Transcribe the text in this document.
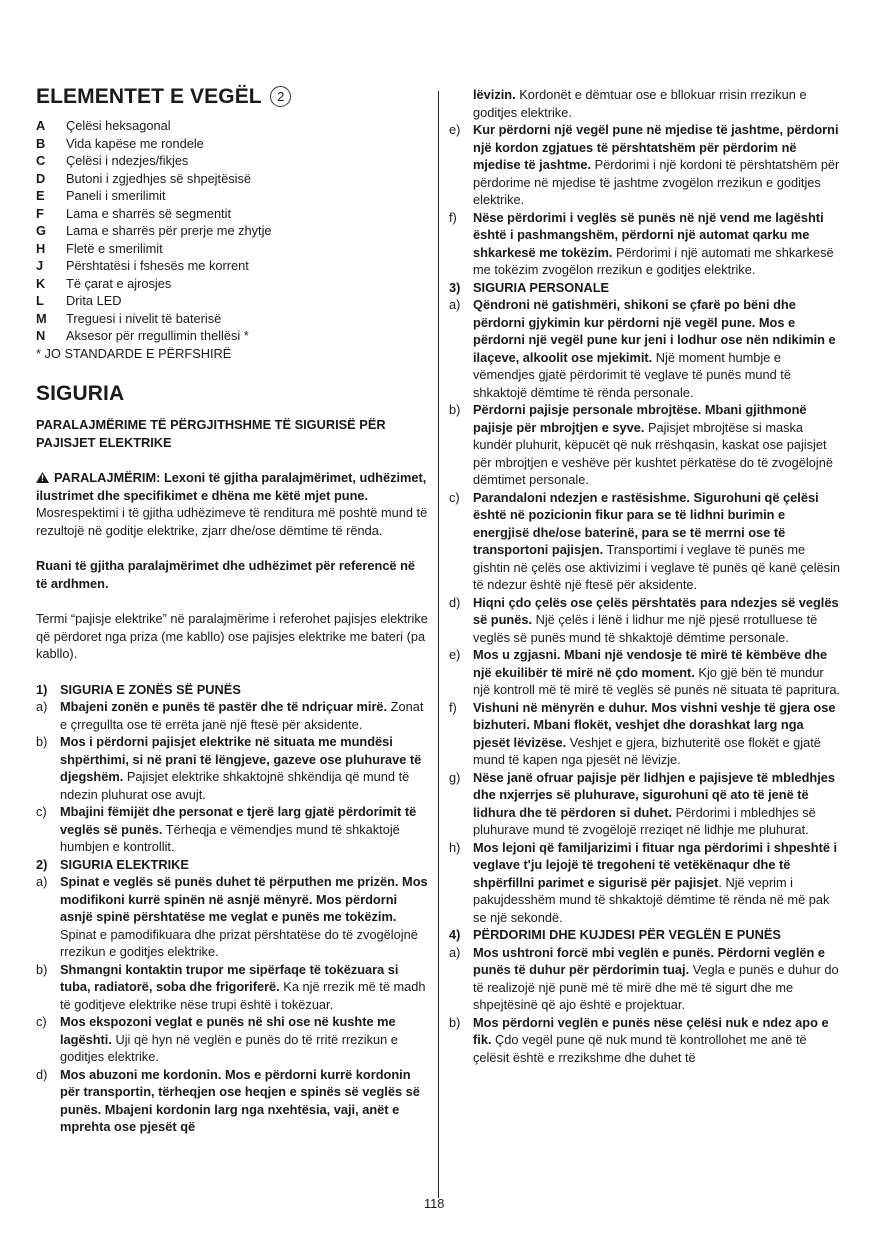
ELEMENTET E VEGËL 2
A	Çelësi heksagonal
B	Vida kapëse me rondele
C	Çelësi i ndezjes/fikjes
D	Butoni i zgjedhjes së shpejtësisë
E	Paneli i smerilimit
F	Lama e sharrës së segmentit
G	Lama e sharrës për prerje me zhytje
H	Fletë e smerilimit
J	Përshtatësi i fshesës me korrent
K	Të çarat e ajrosjes
L	Drita LED
M	Treguesi i nivelit të baterisë
N	Aksesor për rregullimin thellësi *

* JO STANDARDE E PËRFSHIRË

SIGURIA

PARALAJMËRIME TË PËRGJITHSHME TË SIGURISË PËR PAJISJET ELEKTRIKE

!PARALAJMËRIM: Lexoni të gjitha paralajmërimet, udhëzimet, ilustrimet dhe specifikimet e dhëna me këtë mjet pune. Mosrespektimi i të gjitha udhëzimeve të renditura më poshtë mund të rezultojë në goditje elektrike, zjarr dhe/ose dëmtime të rënda.

Ruani të gjitha paralajmërimet dhe udhëzimet për referencë në të ardhmen.

Termi “pajisje elektrike” në paralajmërime i referohet pajisjes elektrike që përdoret nga priza (me kabllo) ose pajisjes elektrike me bateri (pa kabllo).

1) SIGURIA E ZONËS SË PUNËS
a) Mbajeni zonën e punës të pastër dhe të ndriçuar mirë. Zonat e çrregullta ose të errëta janë një ftesë për aksidente.
b) Mos i përdorni pajisjet elektrike në situata me mundësi shpërthimi, si në prani të lëngjeve, gazeve ose pluhurave të djegshëm. Pajisjet elektrike shkaktojnë shkëndija që mund të ndezin pluhurat ose avujt.
c)	Mbajini fëmijët dhe personat e tjerë larg gjatë përdorimit të veglës së punës. Tërheqja e vëmendjes mund të shkaktojë humbjen e kontrollit.
2) SIGURIA ELEKTRIKE
a) Spinat e veglës së punës duhet të përputhen me prizën. Mos modifikoni kurrë spinën në asnjë mënyrë. Mos përdorni asnjë spinë përshtatëse me veglat e punës me tokëzim. Spinat e pamodifikuara dhe prizat përshtatëse do të zvogëlojnë rrezikun e goditjes elektrike.
b) Shmangni kontaktin trupor me sipërfaqe të tokëzuara si tuba, radiatorë, soba dhe frigoriferë. Ka një rrezik më të madh të goditjeve elektrike nëse trupi është i tokëzuar.
c)	Mos ekspozoni veglat e punës në shi ose në kushte me lagështi. Uji që hyn në veglën e punës do të rritë rrezikun e goditjes elektrike.
d) Mos abuzoni me kordonin. Mos e përdorni kurrë kordonin për transportin, tërheqjen ose heqjen e spinës së veglës së punës. Mbajeni kordonin larg nga nxehtësia, vaji, anët e mprehta ose pjesët që

lëvizin. Kordonët e dëmtuar ose e bllokuar rrisin rrezikun e goditjes elektrike.

e) Kur përdorni një vegël pune në mjedise të jashtme, përdorni një kordon zgjatues të përshtatshëm për përdorim në mjedise të jashtme. Përdorimi i një kordoni të përshtatshëm për përdorime në mjedise të jashtme zvogëlon rrezikun e goditjes elektrike.
f)	Nëse përdorimi i veglës së punës në një vend me lagështi është i pashmangshëm, përdorni një automat qarku me shkarkesë me tokëzim. Përdorimi i një automati me shkarkesë me tokëzim zvogëlon rrezikun e goditjes elektrike.
3) SIGURIA PERSONALE
a) Qëndroni në gatishmëri, shikoni se çfarë po bëni dhe përdorni gjykimin kur përdorni një vegël pune. Mos e përdorni një vegël pune kur jeni i lodhur ose nën ndikimin e ilaçeve, alkoolit ose mjekimit. Një moment humbje e vëmendjes gjatë përdorimit të veglave të punës mund të shkaktojë dëmtime të rënda personale.
b) Përdorni pajisje personale mbrojtëse. Mbani gjithmonë pajisje për mbrojtjen e syve. Pajisjet mbrojtëse si maska kundër pluhurit, këpucët që nuk rrëshqasin, kaskat ose pajisjet për mbrojtjen e veshëve për kushtet përkatëse do të zvogëlojnë dëmtimet personale.
c)	Parandaloni ndezjen e rastësishme. Sigurohuni që çelësi është në pozicionin fikur para se të lidhni burimin e energjisë dhe/ose baterinë, para se të merrni ose të transportoni pajisjen. Transportimi i veglave të punës me gishtin në çelës ose aktivizimi i veglave të punës që kanë çelësin të ndezur është një ftesë për aksidente.
d) Hiqni çdo çelës ose çelës përshtatës para ndezjes së veglës së punës. Një çelës i lënë i lidhur me një pjesë rrotulluese të veglës së punës mund të shkaktojë dëmtime personale.
e) Mos u zgjasni. Mbani një vendosje të mirë të këmbëve dhe një ekuilibër të mirë në çdo moment. Kjo gjë bën të mundur një kontroll më të mirë të veglës së punës në situata të papritura.
f)	Vishuni në mënyrën e duhur. Mos vishni veshje të gjera ose bizhuteri. Mbani flokët, veshjet dhe dorashkat larg nga pjesët lëvizëse. Veshjet e gjera, bizhuteritë ose flokët e gjatë mund të kapen nga pjesët në lëvizje.
g) Nëse janë ofruar pajisje për lidhjen e pajisjeve të mbledhjes dhe nxjerrjes së pluhurave, sigurohuni që ato të jenë të lidhura dhe të përdoren si duhet. Përdorimi i mbledhjes së pluhurave mund të zvogëlojë rreziqet në lidhje me pluhurat.
h) Mos lejoni që familjarizimi i fituar nga përdorimi i shpeshtë i veglave t'ju lejojë të tregoheni të vetëkënaqur dhe të shpërfillni parimet e sigurisë për pajisjet. Një veprim i pakujdesshëm mund të shkaktojë dëmtime të rënda në më pak se një sekondë.
4) PËRDORIMI DHE KUJDESI PËR VEGLËN E PUNËS
a) Mos ushtroni forcë mbi veglën e punës. Përdorni veglën e punës të duhur për përdorimin tuaj. Vegla e punës e duhur do të realizojë një punë më të mirë dhe më të sigurt dhe me shpejtësinë që ajo është e projektuar.
b) Mos përdorni veglën e punës nëse çelësi nuk e ndez apo e fik. Çdo vegël pune që nuk mund të kontrollohet me anë të çelësit është e rrezikshme dhe duhet të
118
